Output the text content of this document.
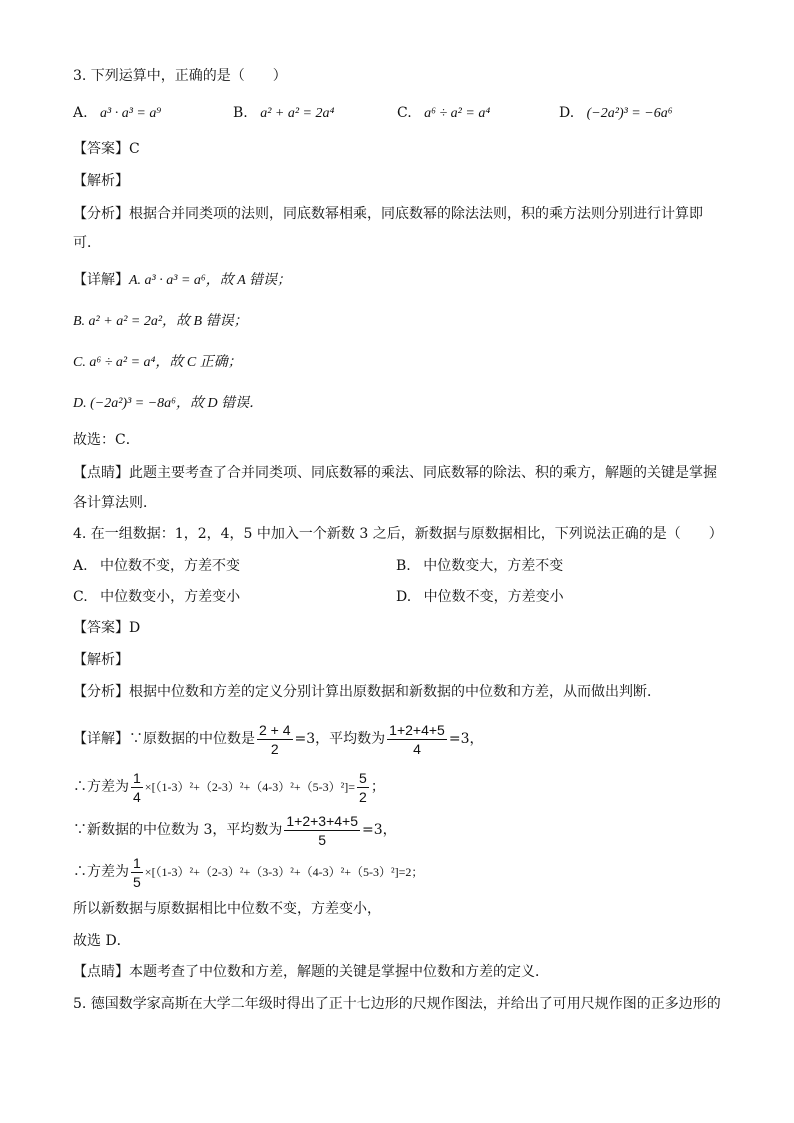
3. 下列运算中，正确的是（　　）
A. a³ · a³ = a⁹	B. a² + a² = 2a⁴	C. a⁶ ÷ a² = a⁴	D. (−2a²)³ = −6a⁶
【答案】C
【解析】
【分析】根据合并同类项的法则，同底数幂相乘，同底数幂的除法法则，积的乘方法则分别进行计算即
可．
【详解】A. a³ · a³ = a⁶，故 A 错误；
B. a² + a² = 2a²，故 B 错误；
C. a⁶ ÷ a² = a⁴，故 C 正确；
D. (−2a²)³ = −8a⁶，故 D 错误．
故选：C．
【点睛】此题主要考查了合并同类项、同底数幂的乘法、同底数幂的除法、积的乘方，解题的关键是掌握
各计算法则．
4. 在一组数据：1，2，4，5 中加入一个新数 3 之后，新数据与原数据相比，下列说法正确的是（　　）
A. 中位数不变，方差不变	B. 中位数变大，方差不变
C. 中位数变小，方差变小	D. 中位数不变，方差变小
【答案】D
【解析】
【分析】根据中位数和方差的定义分别计算出原数据和新数据的中位数和方差，从而做出判断．
【详解】∵原数据的中位数是 $\frac{2 + 4}{2} =3$，平均数为 $\frac{1+2+4+5}{4} =3$，
∴方差为 $\frac{1}{4} \times[(1-3)^2+(2-3)^2+(4-3)^2+(5-3)^2]= \frac{5}{2}$ ；
∵新数据的中位数为 3，平均数为 $\frac{1+2+3+4+5}{5} =3$，
∴方差为 $\frac{1}{5} \times[(1-3)^2+(2-3)^2+(3-3)^2+(4-3)^2+(5-3)^2]=2$；
所以新数据与原数据相比中位数不变，方差变小，
故选 D．
【点睛】本题考查了中位数和方差，解题的关键是掌握中位数和方差的定义．
5. 德国数学家高斯在大学二年级时得出了正十七边形的尺规作图法，并给出了可用尺规作图的正多边形的
